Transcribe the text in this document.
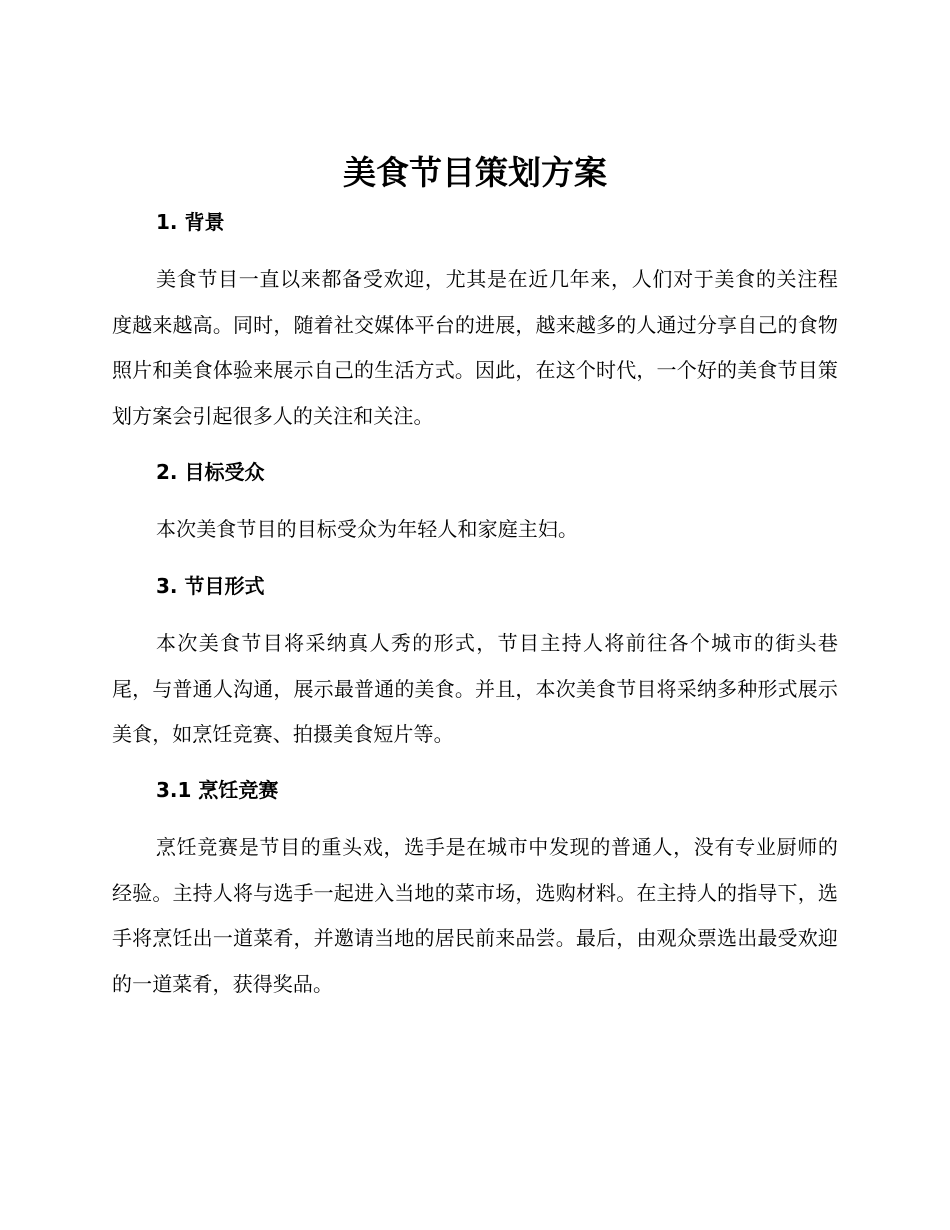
美食节目策划方案
1. 背景

美食节目一直以来都备受欢迎，尤其是在近几年来，人们对于美食的关注程度越来越高。同时，随着社交媒体平台的进展，越来越多的人通过分享自己的食物照片和美食体验来展示自己的生活方式。因此，在这个时代，一个好的美食节目策划方案会引起很多人的关注和关注。

2. 目标受众

本次美食节目的目标受众为年轻人和家庭主妇。

3. 节目形式

本次美食节目将采纳真人秀的形式，节目主持人将前往各个城市的街头巷尾，与普通人沟通，展示最普通的美食。并且，本次美食节目将采纳多种形式展示美食，如烹饪竞赛、拍摄美食短片等。

3.1 烹饪竞赛

烹饪竞赛是节目的重头戏，选手是在城市中发现的普通人，没有专业厨师的经验。主持人将与选手一起进入当地的菜市场，选购材料。在主持人的指导下，选手将烹饪出一道菜肴，并邀请当地的居民前来品尝。最后，由观众票选出最受欢迎的一道菜肴，获得奖品。
